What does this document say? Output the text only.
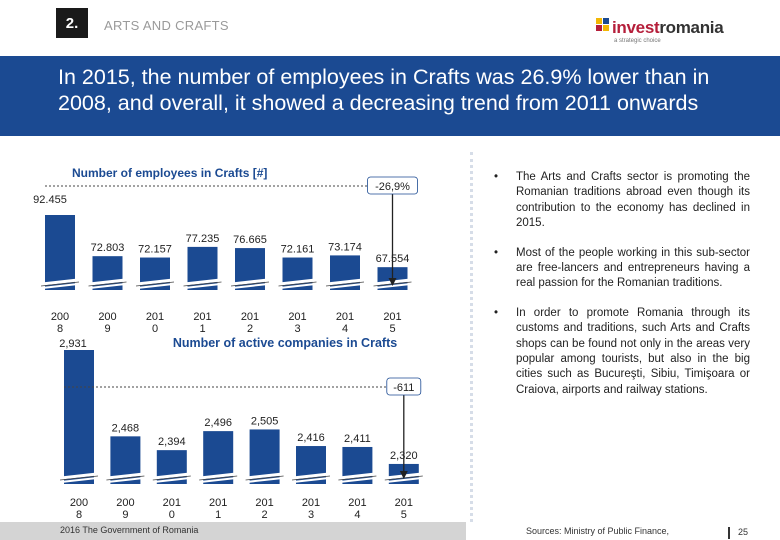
2.	ARTS AND CRAFTS	investromania
a strategic choice
In 2015, the number of employees in Crafts was 26.9% lower than in 2008, and overall, it showed a decreasing trend from 2011 onwards
Number of employees in Crafts [#]
92.455
200
8
72.803
200
9
72.157
201
0
77.235
201
1
76.665
201
2
72.161
201
3
73.174
201
4
67.554
201
5
-26,9%
2,931
200
8
2,468
200
9
2,394
201
0
2,496
201
1
2,505
201
2
2,416
201
3
2,411
201
4
2,320
201
5
-611
Number of active companies in Crafts
• The Arts and Crafts sector is promoting the Romanian traditions abroad even though its contribution to the economy has declined in 2015.
• Most of the people working in this sub-sector are free-lancers and entrepreneurs having a real passion for the Romanian traditions.
• In order to promote Romania through its customs and traditions, such Arts and Crafts shops can be found not only in the areas very popular among tourists, but also in the big cities such as Bucureşti, Sibiu, Timişoara or Craiova, airports and railway stations.
2016 The Government of Romania	Sources: Ministry of Public Finance,	25
